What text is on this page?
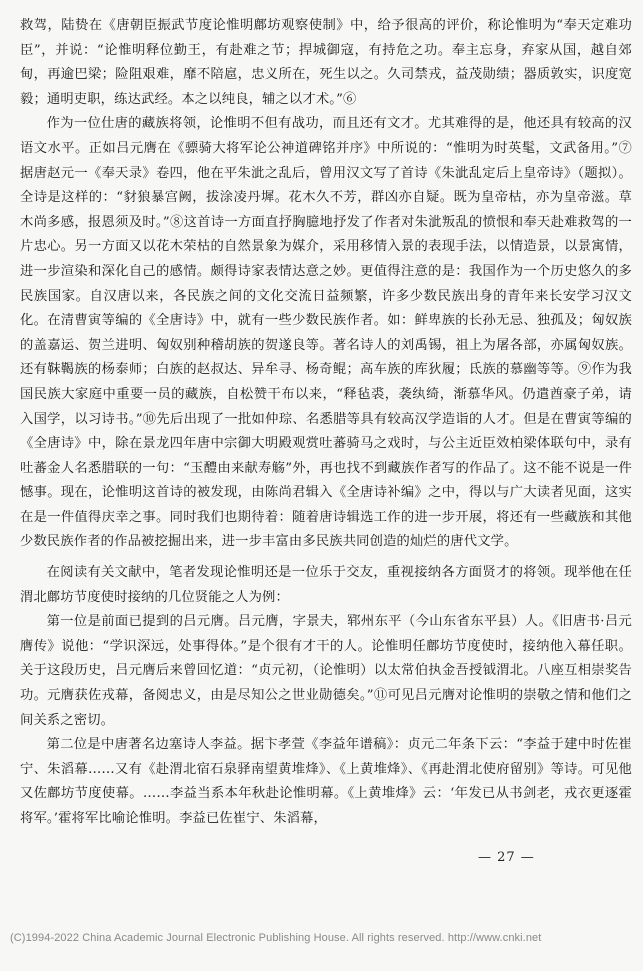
救驾，陆贽在《唐朝臣振武节度论惟明鄜坊观察使制》中，给予很高的评价，称论惟明为“奉天定难功臣”，并说：“论惟明释位勤王，有赴难之节；捍城御寇，有持危之功。奉主忘身，弃家从国，越自郊甸，再逾巴梁；险阻艰难，靡不陪扈，忠义所在，死生以之。久司禁戎，益茂勋绩；器质敦实，识度宽毅；通明吏职，练达武经。本之以纯良，辅之以才术。”⑥

作为一位仕唐的藏族将领，论惟明不但有战功，而且还有文才。尤其难得的是，他还具有较高的汉语文水平。正如吕元膺在《骠骑大将军论公神道碑铭并序》中所说的：“惟明为时英髦，文武备用。”⑦据唐赵元一《奉天录》卷四，他在平朱泚之乱后，曾用汉文写了首诗《朱泚乱定后上皇帝诗》（题拟）。全诗是这样的：“豺狼暴宫阙，拔涂凌丹墀。花木久不芳，群凶亦自疑。既为皇帝枯，亦为皇帝滋。草木尚多感，报恩须及时。”⑧这首诗一方面直抒胸臆地抒发了作者对朱泚叛乱的愤恨和奉天赴难救驾的一片忠心。另一方面又以花木荣枯的自然景象为媒介，采用移情入景的表现手法，以情造景，以景寓情，进一步渲染和深化自己的感情。颇得诗家表情达意之妙。更值得注意的是：我国作为一个历史悠久的多民族国家。自汉唐以来，各民族之间的文化交流日益频繁，许多少数民族出身的青年来长安学习汉文化。在清曹寅等编的《全唐诗》中，就有一些少数民族作者。如：鲜卑族的长孙无忌、独孤及；匈奴族的盖嘉运、贺兰进明、匈奴别种稽胡族的贺遂良等。著名诗人的刘禹锡，祖上为屠各部，亦属匈奴族。还有靺鞨族的杨泰师；白族的赵叔达、异牟寻、杨奇鲲；高车族的库狄履；氐族的慕幽等等。⑨作为我国民族大家庭中重要一员的藏族，自松赞干布以来，“释毡裘，袭纨绮，渐慕华风。仍遣酋豪子弟，请入国学，以习诗书。”⑩先后出现了一批如仲琮、名悉腊等具有较高汉学造诣的人才。但是在曹寅等编的《全唐诗》中，除在景龙四年唐中宗御大明殿观赏吐蕃骑马之戏时，与公主近臣效柏梁体联句中，录有吐蕃金人名悉腊联的一句：“玉醴由来献寿觞”外，再也找不到藏族作者写的作品了。这不能不说是一件憾事。现在，论惟明这首诗的被发现，由陈尚君辑入《全唐诗补编》之中，得以与广大读者见面，这实在是一件值得庆幸之事。同时我们也期待着：随着唐诗辑选工作的进一步开展，将还有一些藏族和其他少数民族作者的作品被挖掘出来，进一步丰富由多民族共同创造的灿烂的唐代文学。

在阅读有关文献中，笔者发现论惟明还是一位乐于交友，重视接纳各方面贤才的将领。现举他在任渭北鄜坊节度使时接纳的几位贤能之人为例：

第一位是前面已提到的吕元膺。吕元膺，字景夫，郓州东平（今山东省东平县）人。《旧唐书·吕元膺传》说他：“学识深远，处事得体。”是个很有才干的人。论惟明任鄜坊节度使时，接纳他入幕任职。关于这段历史，吕元膺后来曾回忆道：“贞元初，（论惟明）以太常伯执金吾授钺渭北。八座互相崇奖告功。元膺获佐戎幕，备阅忠义，由是尽知公之世业勋德矣。”⑪可见吕元膺对论惟明的崇敬之情和他们之间关系之密切。

第二位是中唐著名边塞诗人李益。据卞孝萱《李益年谱稿》：贞元二年条下云：“李益于建中时佐崔宁、朱滔幕……又有《赴渭北宿石泉驿南望黄堆烽》、《上黄堆烽》、《再赴渭北使府留别》等诗。可见他又佐鄜坊节度使幕。……李益当系本年秋赴论惟明幕。《上黄堆烽》云：‘年发已从书剑老，戎衣更逐霍将军。’霍将军比喻论惟明。李益已佐崔宁、朱滔幕，

— 27 —
(C)1994-2022 China Academic Journal Electronic Publishing House. All rights reserved. http://www.cnki.net
